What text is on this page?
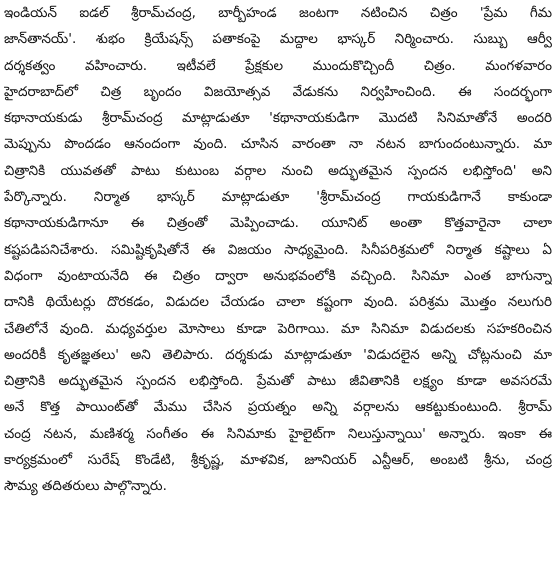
ఇండియన్ ఐడల్ శ్రీరామ్‌చంద్ర, బార్బీహండ జంటగా నటించిన చిత్రం 'ప్రేమ గీమ
జాన్‌తానయ్'. శుభం క్రియేషన్స్ పతాకంపై మద్దాల భాస్కర్ నిర్మించారు. సుబ్బు ఆర్వీ
దర్శకత్వం వహించారు. ఇటీవలే ప్రేక్షకుల ముందుకొచ్చిందీ చిత్రం. మంగళవారం
హైదరాబాద్‌లో చిత్ర బృందం విజయోత్సవ వేడుకను నిర్వహించింది. ఈ సందర్భంగా
కథానాయకుడు శ్రీరామ్‌చంద్ర మాట్లాడుతూ 'కథానాయకుడిగా మొదటి సినిమాతోనే అందరి
మెప్పును పొందడం ఆనందంగా వుంది. చూసిన వారంతా నా నటన బాగుందంటున్నారు. మా
చిత్రానికి యువతతో పాటు కుటుంబ వర్గాల నుంచి అద్భుతమైన స్పందన లభిస్తోంది' అని
పేర్కొన్నారు. నిర్మాత భాస్కర్ మాట్లాడుతూ 'శ్రీరామ్‌చంద్ర గాయకుడిగానే కాకుండా
కథానాయకుడిగానూ ఈ చిత్రంతో మెప్పించాడు. యూనిట్ అంతా కొత్తవారైనా చాలా
కష్టపడిపనిచేశారు. సమిష్టికృషితోనే ఈ విజయం సాధ్యమైంది. సినీపరిశ్రమలో నిర్మాత కష్టాలు ఏ
విధంగా వుంటాయనేది ఈ చిత్రం ద్వారా అనుభవంలోకి వచ్చింది. సినిమా ఎంత బాగున్నా
దానికి థియేటర్లు దొరకడం, విడుదల చేయడం చాలా కష్టంగా వుంది. పరిశ్రమ మొత్తం నలుగురి
చేతిలోనే వుంది. మధ్యవర్తుల మోసాలు కూడా పెరిగాయి. మా సినిమా విడుదలకు సహకరించిన
అందరికీ కృతజ్ఞతలు' అని తెలిపారు. దర్శకుడు మాట్లాడుతూ 'విడుదలైన అన్ని చోట్లనుంచి మా
చిత్రానికి అద్భుతమైన స్పందన లభిస్తోంది. ప్రేమతో పాటు జీవితానికి లక్ష్యం కూడా అవసరమే
అనే కొత్త పాయింట్‌తో మేము చేసిన ప్రయత్నం అన్ని వర్గాలను ఆకట్టుకుంటుంది. శ్రీరామ్
చంద్ర నటన, మణిశర్మ సంగీతం ఈ సినిమాకు హైలైట్‌గా నిలుస్తున్నాయి' అన్నారు. ఇంకా ఈ
కార్యక్రమంలో సురేష్ కొండేటి, శ్రీకృష్ణ, మాళవిక, జూనియర్ ఎన్టీఆర్, అంబటి శ్రీను, చంద్ర
సౌమ్య తదితరులు పాల్గొన్నారు.
